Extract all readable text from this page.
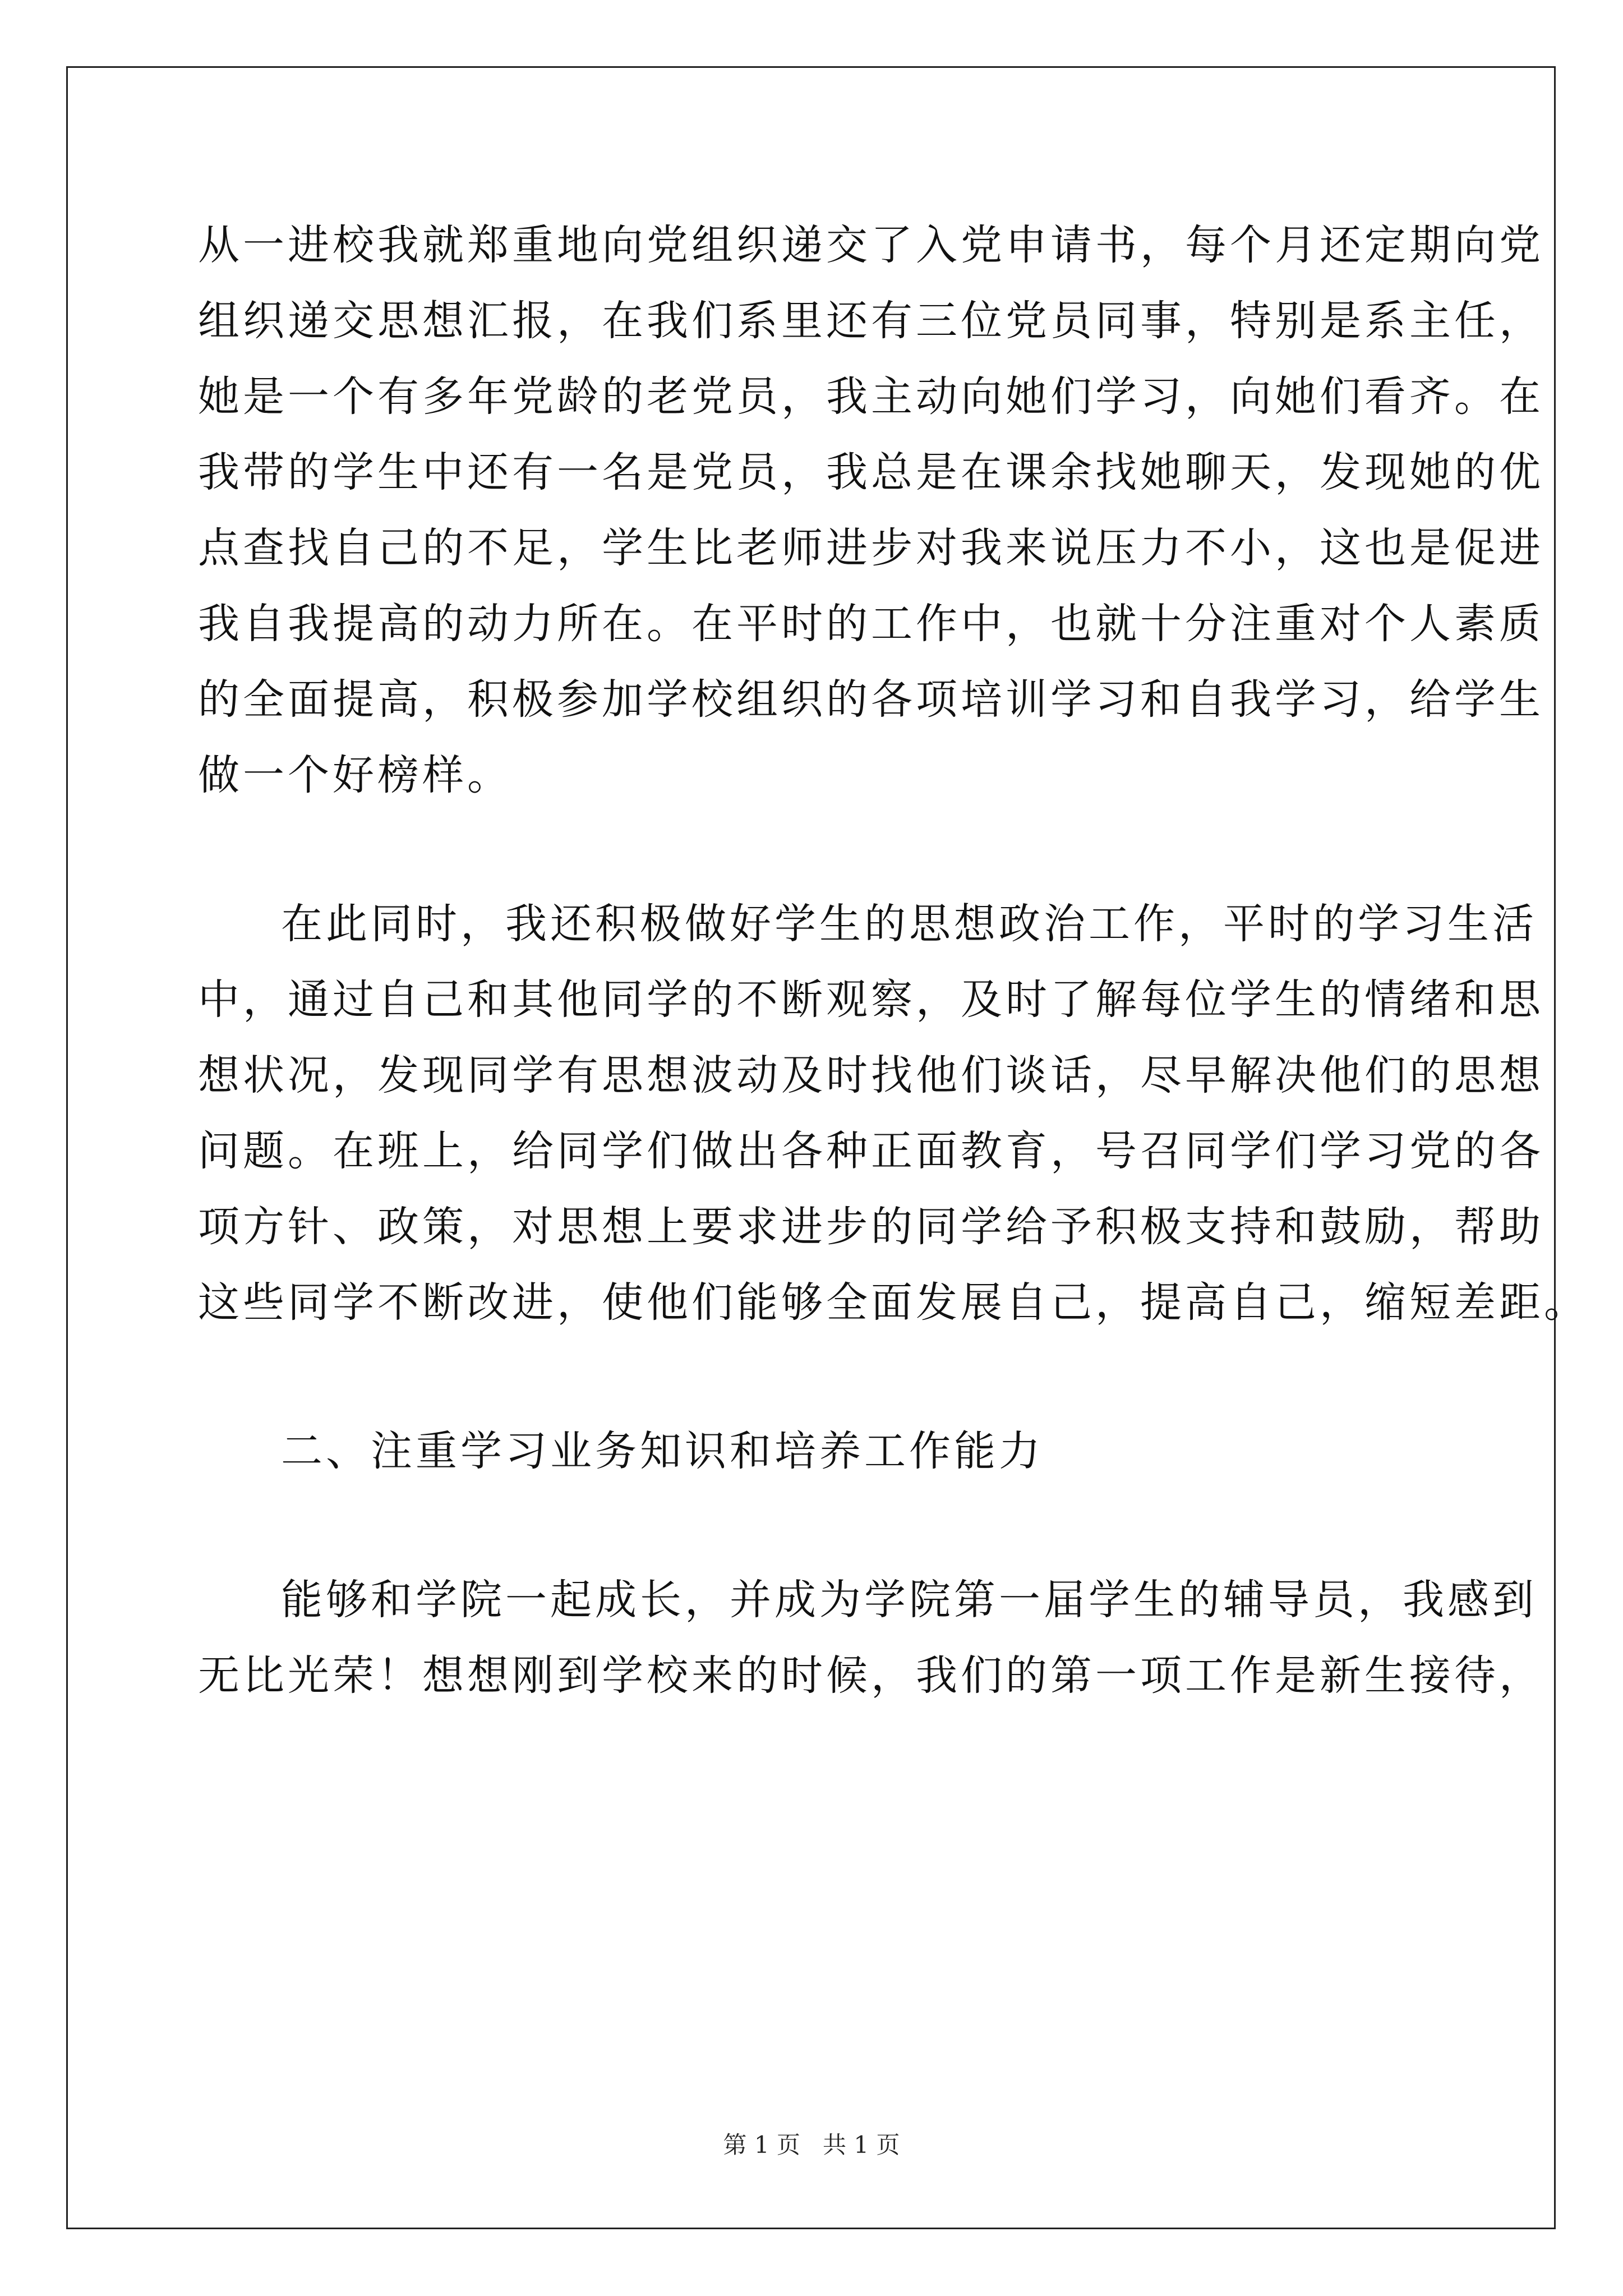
从一进校我就郑重地向党组织递交了入党申请书，每个月还定期向党
组织递交思想汇报，在我们系里还有三位党员同事，特别是系主任，
她是一个有多年党龄的老党员，我主动向她们学习，向她们看齐。在
我带的学生中还有一名是党员，我总是在课余找她聊天，发现她的优
点查找自己的不足，学生比老师进步对我来说压力不小，这也是促进
我自我提高的动力所在。在平时的工作中，也就十分注重对个人素质
的全面提高，积极参加学校组织的各项培训学习和自我学习，给学生
做一个好榜样。
在此同时，我还积极做好学生的思想政治工作，平时的学习生活
中，通过自己和其他同学的不断观察，及时了解每位学生的情绪和思
想状况，发现同学有思想波动及时找他们谈话，尽早解决他们的思想
问题。在班上，给同学们做出各种正面教育，号召同学们学习党的各
项方针、政策，对思想上要求进步的同学给予积极支持和鼓励，帮助
这些同学不断改进，使他们能够全面发展自己，提高自己，缩短差距。
二、注重学习业务知识和培养工作能力
能够和学院一起成长，并成为学院第一届学生的辅导员，我感到
无比光荣！想想刚到学校来的时候，我们的第一项工作是新生接待，
第 1 页   共 1 页
